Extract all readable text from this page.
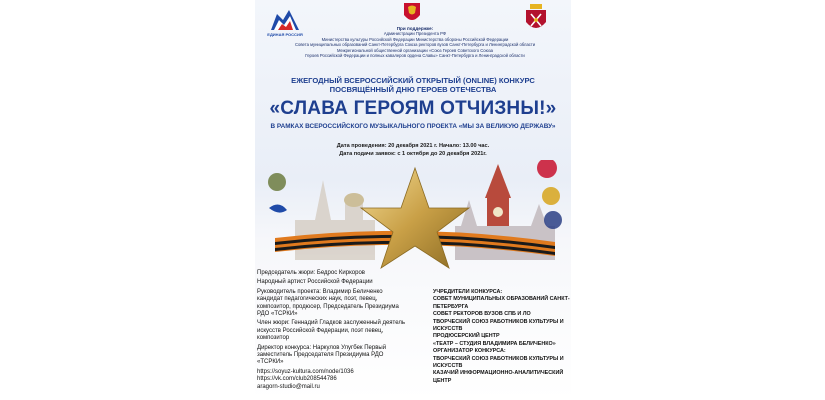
ЕДИНАЯ РОССИЯ
При поддержке:
Администрации Президента РФ
Министерства культуры Российской Федерации Министерства обороны Российской Федерации
Совета муниципальных образований Санкт-Петербурга Союза ректоров вузов Санкт-Петербурга и Ленинградской области
Межрегиональной общественной организации «Союз Героев Советского Союза
Героев Российской Федерации и полных кавалеров ордена Славы» Санкт-Петербурга и Ленинградской области
ЕЖЕГОДНЫЙ ВСЕРОССИЙСКИЙ ОТКРЫТЫЙ (ONLINE) КОНКУРС
ПОСВЯЩЁННЫЙ ДНЮ ГЕРОЕВ ОТЕЧЕСТВА
«СЛАВА ГЕРОЯМ ОТЧИЗНЫ!»
В РАМКАХ ВСЕРОССИЙСКОГО МУЗЫКАЛЬНОГО ПРОЕКТА «МЫ ЗА ВЕЛИКУЮ ДЕРЖАВУ»
Дата проведения: 20 декабря 2021 г. Начало: 13.00 час.
Дата подачи заявок: с 1 октября до 20 декабря 2021г.

Председатель жюри: Бедрос Киркоров

Народный артист Российской Федерации

Руководитель проекта: Владимир Беличенко кандидат педагогических наук, поэт, певец, композитор, продюсер, Председатель Президиума РДО «ТСРКИ»

Член жюри: Геннадий Гладков заслуженный деятель искусств Российской Федерации, поэт певец, композитор

Директор конкурса: Наркулов Улугбек Первый заместитель Председателя Президиума РДО «ТСРКИ»

https://soyuz-kultura.com/node/1036

https://vk.com/club208544786

aragorn-studio@mail.ru

УЧРЕДИТЕЛИ КОНКУРСА:

СОВЕТ МУНИЦИПАЛЬНЫХ ОБРАЗОВАНИЙ САНКТ-ПЕТЕРБУРГА

СОВЕТ РЕКТОРОВ ВУЗОВ СПБ И ЛО

ТВОРЧЕСКИЙ СОЮЗ РАБОТНИКОВ КУЛЬТУРЫ И ИСКУССТВ

ПРОДЮСЕРСКИЙ ЦЕНТР

«ТЕАТР – СТУДИЯ ВЛАДИМИРА БЕЛИЧЕНКО»

ОРГАНИЗАТОР КОНКУРСА:

ТВОРЧЕСКИЙ СОЮЗ РАБОТНИКОВ КУЛЬТУРЫ И ИСКУССТВ

КАЗАЧИЙ ИНФОРМАЦИОННО-АНАЛИТИЧЕСКИЙ ЦЕНТР
